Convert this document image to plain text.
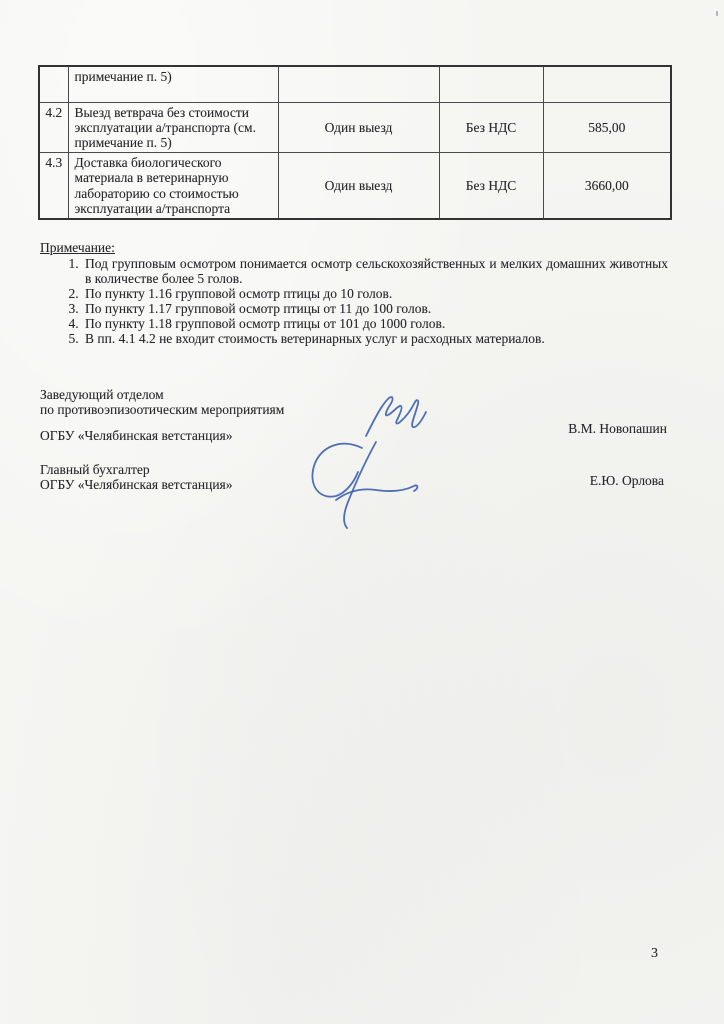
	примечание п. 5)			
4.2	Выезд ветврача без стоимости эксплуатации а/транспорта (см. примечание п. 5)	Один выезд	Без НДС	585,00
4.3	Доставка биологического материала в ветеринарную лабораторию со стоимостью эксплуатации а/транспорта	Один выезд	Без НДС	3660,00
Примечание:
1. Под групповым осмотром понимается осмотр сельскохозяйственных и мелких домашних животных в количестве более 5 голов.
2. По пункту 1.16 групповой осмотр птицы до 10 голов.
3. По пункту 1.17 групповой осмотр птицы от 11 до 100 голов.
4. По пункту 1.18 групповой осмотр птицы от 101 до 1000 голов.
5. В пп. 4.1 4.2 не входит стоимость ветеринарных услуг и расходных материалов.
Заведующий отделом
по противоэпизоотическим мероприятиям
ОГБУ «Челябинская ветстанция»	В.М. Новопашин
Главный бухгалтер
ОГБУ «Челябинская ветстанция»	Е.Ю. Орлова
3
